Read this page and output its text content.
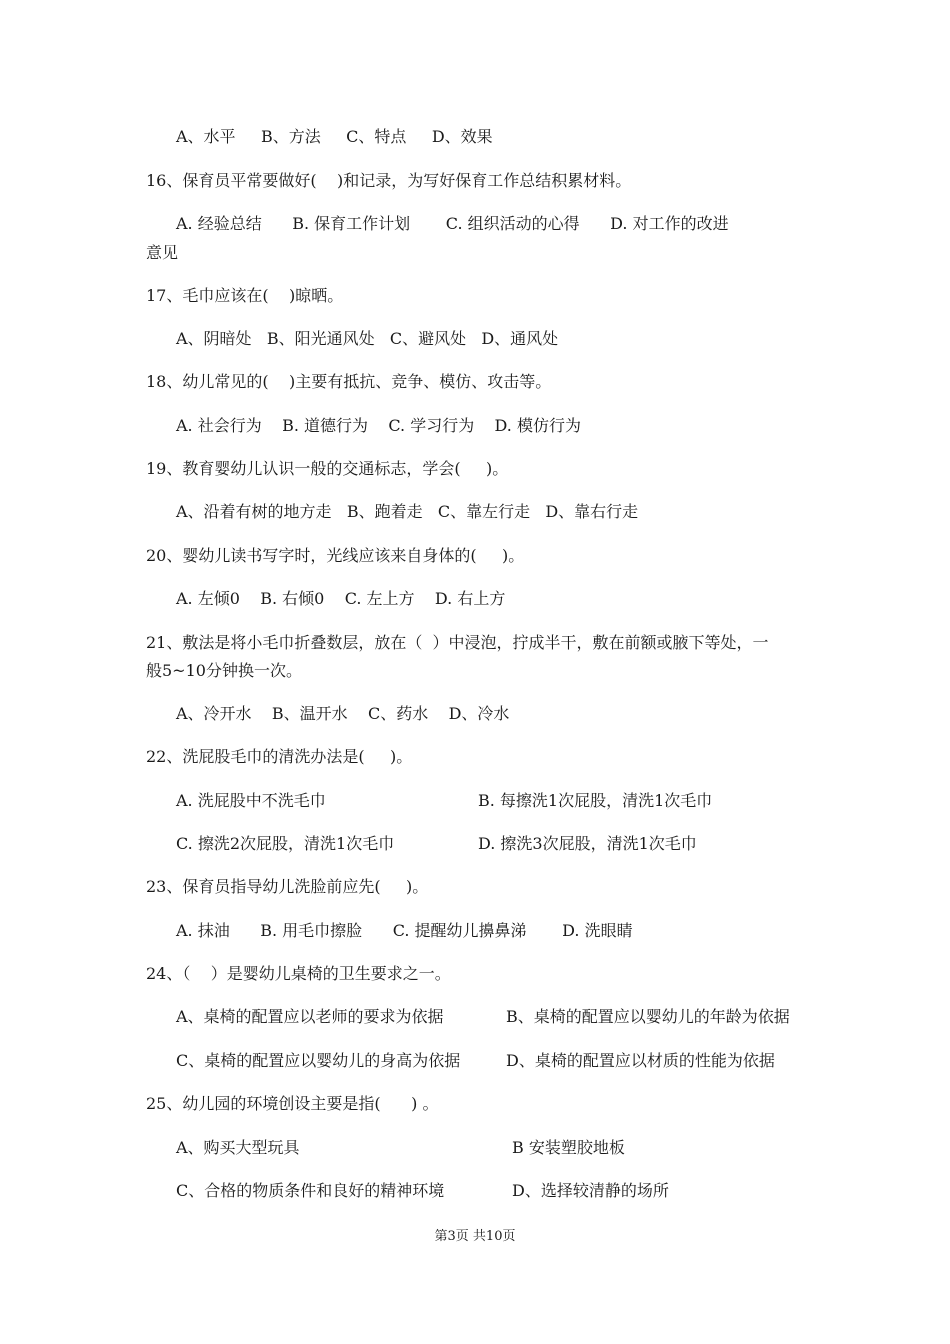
A、水平     B、方法     C、特点     D、效果
16、保育员平常要做好(    )和记录，为写好保育工作总结积累材料。
A. 经验总结      B. 保育工作计划       C. 组织活动的心得      D. 对工作的改进
意见
17、毛巾应该在(    )晾晒。
A、阴暗处   B、阳光通风处   C、避风处   D、通风处
18、幼儿常见的(    )主要有抵抗、竞争、模仿、攻击等。
A. 社会行为    B. 道德行为    C. 学习行为    D. 模仿行为
19、教育婴幼儿认识一般的交通标志，学会(     )。
A、沿着有树的地方走   B、跑着走   C、靠左行走   D、靠右行走
20、婴幼儿读书写字时，光线应该来自身体的(     )。
A. 左倾0    B. 右倾0    C. 左上方    D. 右上方
21、敷法是将小毛巾折叠数层，放在（  ）中浸泡，拧成半干，敷在前额或腋下等处，一
般5~10分钟换一次。
A、冷开水    B、温开水    C、药水    D、冷水
22、洗屁股毛巾的清洗办法是(     )。
A. 洗屁股中不洗毛巾	B. 每擦洗1次屁股，清洗1次毛巾
C. 擦洗2次屁股，清洗1次毛巾	D. 擦洗3次屁股，清洗1次毛巾
23、保育员指导幼儿洗脸前应先(     )。
A. 抹油      B. 用毛巾擦脸      C. 提醒幼儿擤鼻涕       D. 洗眼睛
24、（    ）是婴幼儿桌椅的卫生要求之一。
A、桌椅的配置应以老师的要求为依据	B、桌椅的配置应以婴幼儿的年龄为依据
C、桌椅的配置应以婴幼儿的身高为依据	D、桌椅的配置应以材质的性能为依据
25、幼儿园的环境创设主要是指(      ) 。
A、购买大型玩具	B 安装塑胶地板
C、合格的物质条件和良好的精神环境	D、选择较清静的场所
第3页 共10页
